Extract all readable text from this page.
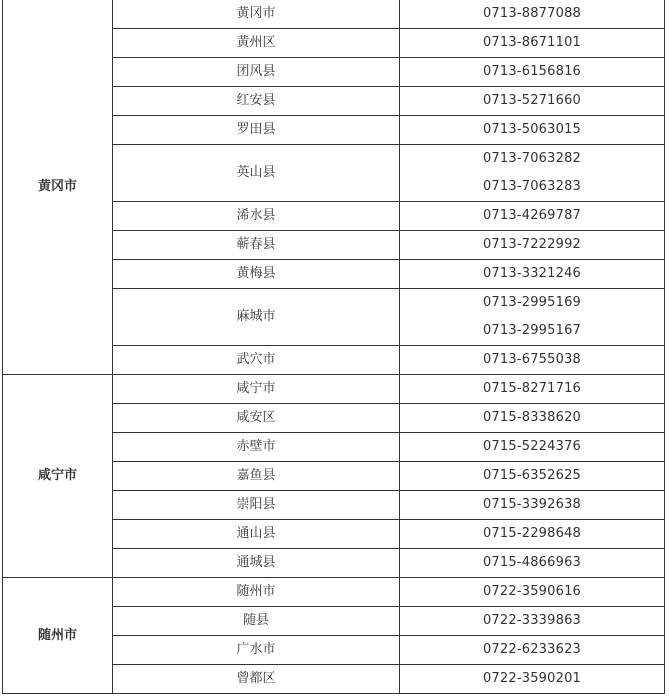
黄冈市	黄冈市	0713-8877088

	黄州区	0713-8671101

	团风县	0713-6156816

	红安县	0713-5271660

	罗田县	0713-5063015

	英山县	0713-7063282
0713-7063283

	浠水县	0713-4269787

	蕲春县	0713-7222992

	黄梅县	0713-3321246

	麻城市	0713-2995169
0713-2995167

	武穴市	0713-6755038

咸宁市	咸宁市	0715-8271716

	咸安区	0715-8338620

	赤壁市	0715-5224376

	嘉鱼县	0715-6352625

	崇阳县	0715-3392638

	通山县	0715-2298648

	通城县	0715-4866963

随州市	随州市	0722-3590616

	随县	0722-3339863

	广水市	0722-6233623

	曾都区	0722-3590201
